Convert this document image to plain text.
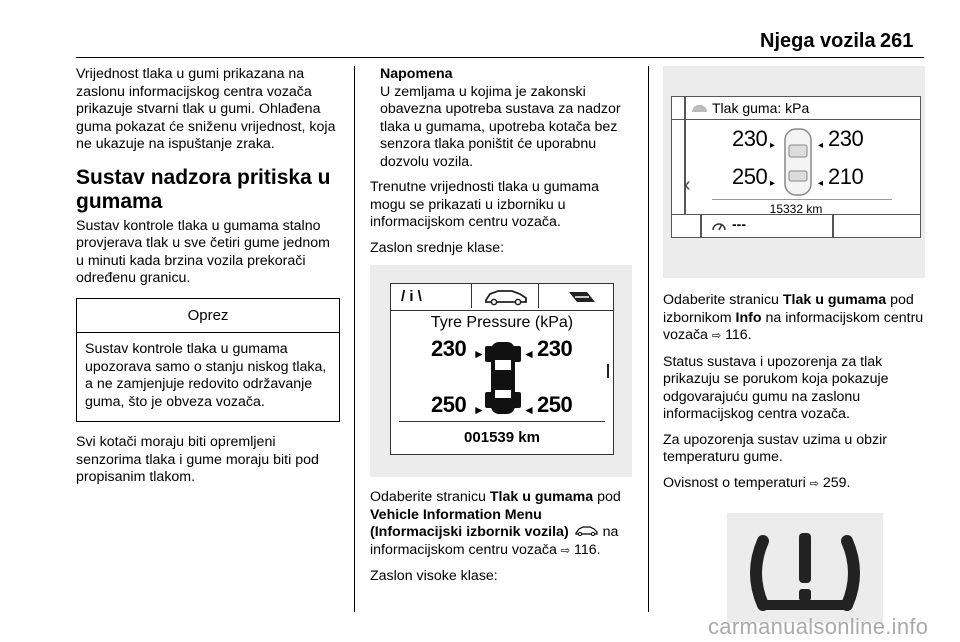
Njega vozila 261

Vrijednost tlaka u gumi prikazana na zaslonu informacijskog centra vozača prikazuje stvarni tlak u gumi. Ohlađena guma pokazat će sniženu vrijednost, koja ne ukazuje na ispuštanje zraka.

Sustav nadzora pritiska u gumama

Sustav kontrole tlaka u gumama stalno provjerava tlak u sve četiri gume jednom u minuti kada brzina vozila prekorači određenu granicu.

Oprez
Sustav kontrole tlaka u gumama upozorava samo o stanju niskog tlaka, a ne zamjenjuje redovito održavanje guma, što je obveza vozača.

Svi kotači moraju biti opremljeni senzorima tlaka i gume moraju biti pod propisanim tlakom.

Napomena
U zemljama u kojima je zakonski obavezna upotreba sustava za nadzor tlaka u gumama, upotreba kotača bez senzora tlaka poništit će uporabnu dozvolu vozila.

Trenutne vrijednosti tlaka u gumama mogu se prikazati u izborniku u informacijskom centru vozača.

Zaslon srednje klase:

/ i \
Tyre Pressure (kPa)
230 ►	◄ 230
250 ►	◄ 250
001539 km

Odaberite stranicu Tlak u gumama pod Vehicle Information Menu (Informacijski izbornik vozila)  na informacijskom centru vozača ⇨ 116.

Zaslon visoke klase:

Tlak guma: kPa
‹
230 ▸	◂ 230
250 ▸	◂ 210
15332 km
---

Odaberite stranicu Tlak u gumama pod izbornikom Info na informacijskom centru vozača ⇨ 116.

Status sustava i upozorenja za tlak prikazuju se porukom koja pokazuje odgovarajuću gumu na zaslonu informacijskog centra vozača.

Za upozorenja sustav uzima u obzir temperaturu gume.

Ovisnost o temperaturi ⇨ 259.

carmanualsonline.info
